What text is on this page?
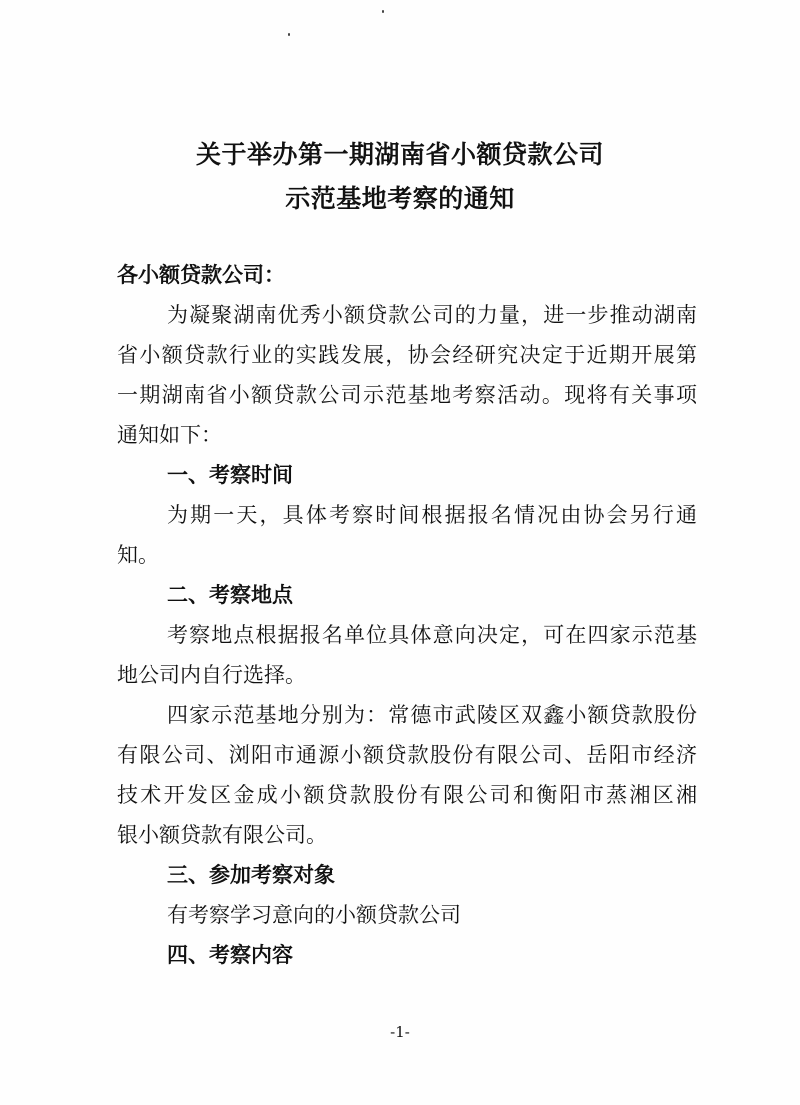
关于举办第一期湖南省小额贷款公司
示范基地考察的通知
各小额贷款公司：
为凝聚湖南优秀小额贷款公司的力量，进一步推动湖南
省小额贷款行业的实践发展，协会经研究决定于近期开展第
一期湖南省小额贷款公司示范基地考察活动。现将有关事项
通知如下：
一、考察时间
为期一天，具体考察时间根据报名情况由协会另行通
知。
二、考察地点
考察地点根据报名单位具体意向决定，可在四家示范基
地公司内自行选择。
四家示范基地分别为：常德市武陵区双鑫小额贷款股份
有限公司、浏阳市通源小额贷款股份有限公司、岳阳市经济
技术开发区金成小额贷款股份有限公司和衡阳市蒸湘区湘
银小额贷款有限公司。
三、参加考察对象
有考察学习意向的小额贷款公司
四、考察内容
-1-
